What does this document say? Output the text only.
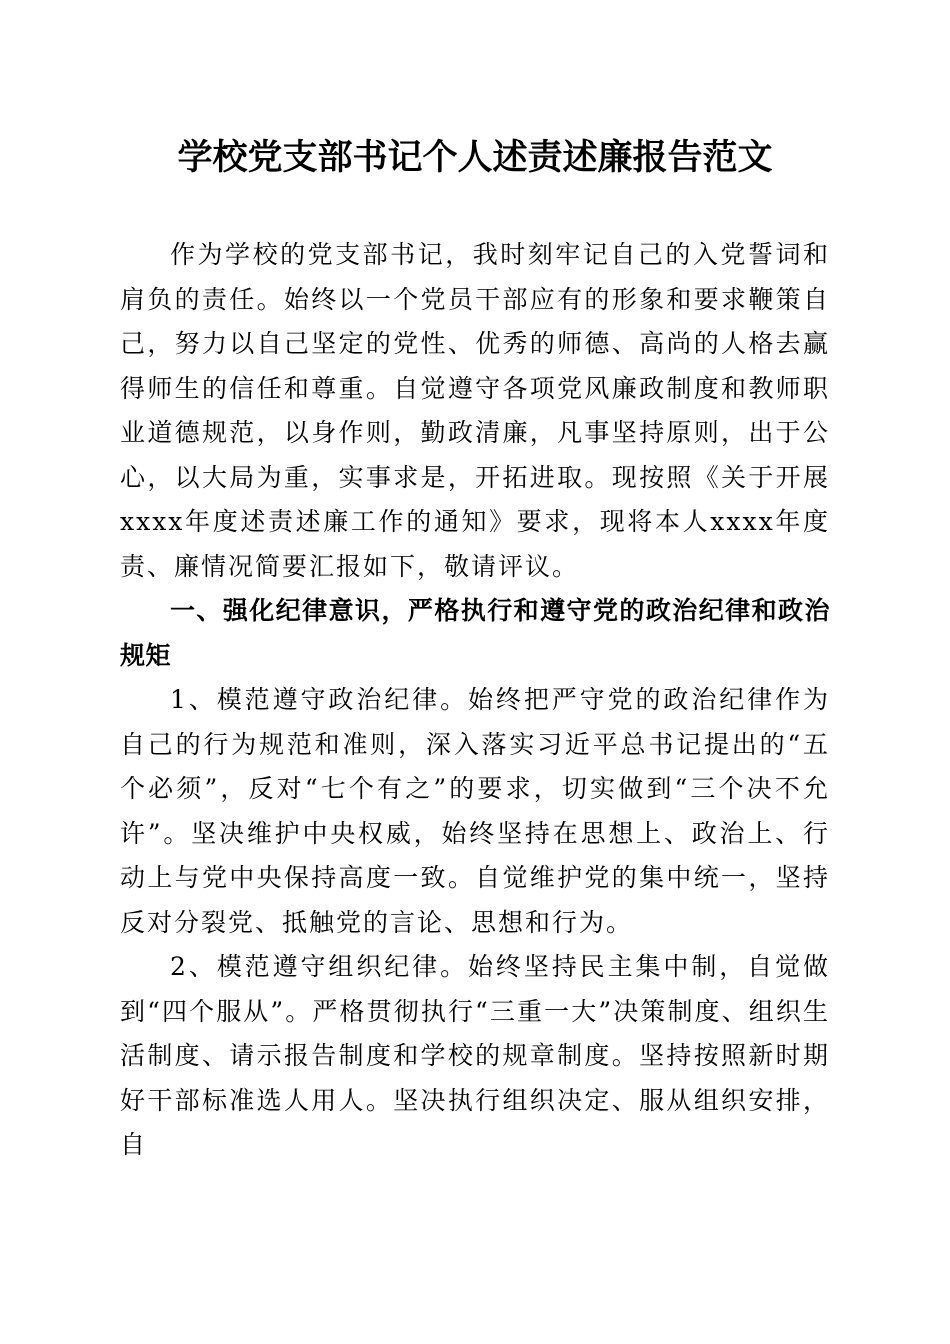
学校党支部书记个人述责述廉报告范文

作为学校的党支部书记，我时刻牢记自己的入党誓词和肩负的责任。始终以一个党员干部应有的形象和要求鞭策自己，努力以自己坚定的党性、优秀的师德、高尚的人格去赢得师生的信任和尊重。自觉遵守各项党风廉政制度和教师职业道德规范，以身作则，勤政清廉，凡事坚持原则，出于公心，以大局为重，实事求是，开拓进取。现按照《关于开展xxxx年度述责述廉工作的通知》要求，现将本人xxxx年度责、廉情况简要汇报如下，敬请评议。

一、强化纪律意识，严格执行和遵守党的政治纪律和政治规矩

1、模范遵守政治纪律。始终把严守党的政治纪律作为自己的行为规范和准则，深入落实习近平总书记提出的“五个必须”，反对“七个有之”的要求，切实做到“三个决不允许”。坚决维护中央权威，始终坚持在思想上、政治上、行动上与党中央保持高度一致。自觉维护党的集中统一，坚持反对分裂党、抵触党的言论、思想和行为。

2、模范遵守组织纪律。始终坚持民主集中制，自觉做到“四个服从”。严格贯彻执行“三重一大”决策制度、组织生活制度、请示报告制度和学校的规章制度。坚持按照新时期好干部标准选人用人。坚决执行组织决定、服从组织安排，自
